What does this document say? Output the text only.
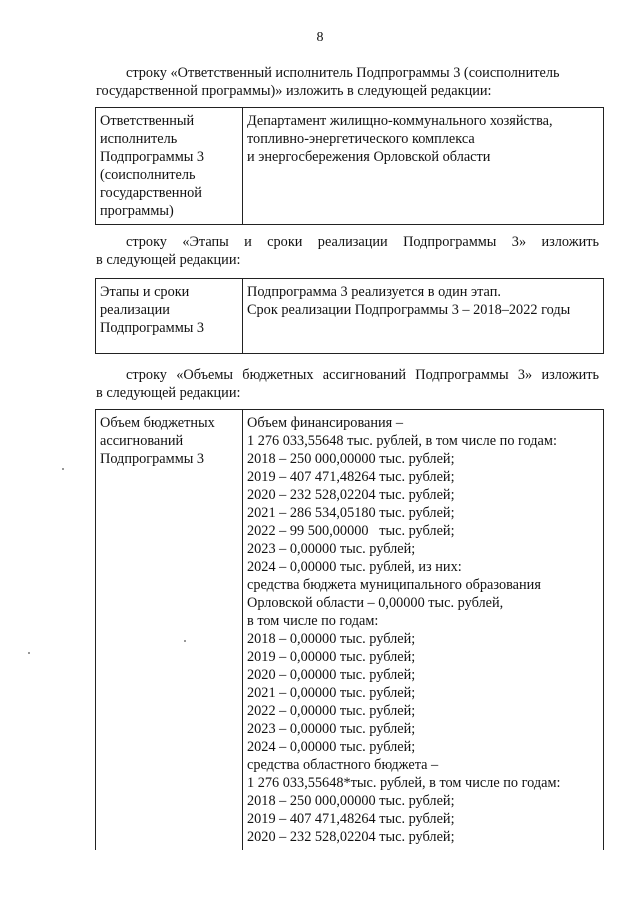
8

строку «Ответственный исполнитель Подпрограммы 3 (соисполнитель
государственной программы)» изложить в следующей редакции:

Ответственный
исполнитель
Подпрограммы 3
(соисполнитель
государственной
программы)

Департамент жилищно-коммунального хозяйства,
топливно-энергетического комплекса
и энергосбережения Орловской области

строку «Этапы и сроки реализации Подпрограммы 3» изложить
в следующей редакции:

Этапы и сроки
реализации
Подпрограммы 3

Подпрограмма 3 реализуется в один этап.
Срок реализации Подпрограммы 3 – 2018–2022 годы

строку «Объемы бюджетных ассигнований Подпрограммы 3» изложить
в следующей редакции:

Объем бюджетных
ассигнований
Подпрограммы 3

Объем финансирования –
1 276 033,55648 тыс. рублей, в том числе по годам:
2018 – 250 000,00000 тыс. рублей;
2019 – 407 471,48264 тыс. рублей;
2020 – 232 528,02204 тыс. рублей;
2021 – 286 534,05180 тыс. рублей;
2022 – 99 500,00000   тыс. рублей;
2023 – 0,00000 тыс. рублей;
2024 – 0,00000 тыс. рублей, из них:
средства бюджета муниципального образования
Орловской области – 0,00000 тыс. рублей,
в том числе по годам:
2018 – 0,00000 тыс. рублей;
2019 – 0,00000 тыс. рублей;
2020 – 0,00000 тыс. рублей;
2021 – 0,00000 тыс. рублей;
2022 – 0,00000 тыс. рублей;
2023 – 0,00000 тыс. рублей;
2024 – 0,00000 тыс. рублей;
средства областного бюджета –
1 276 033,55648*тыс. рублей, в том числе по годам:
2018 – 250 000,00000 тыс. рублей;
2019 – 407 471,48264 тыс. рублей;
2020 – 232 528,02204 тыс. рублей;
